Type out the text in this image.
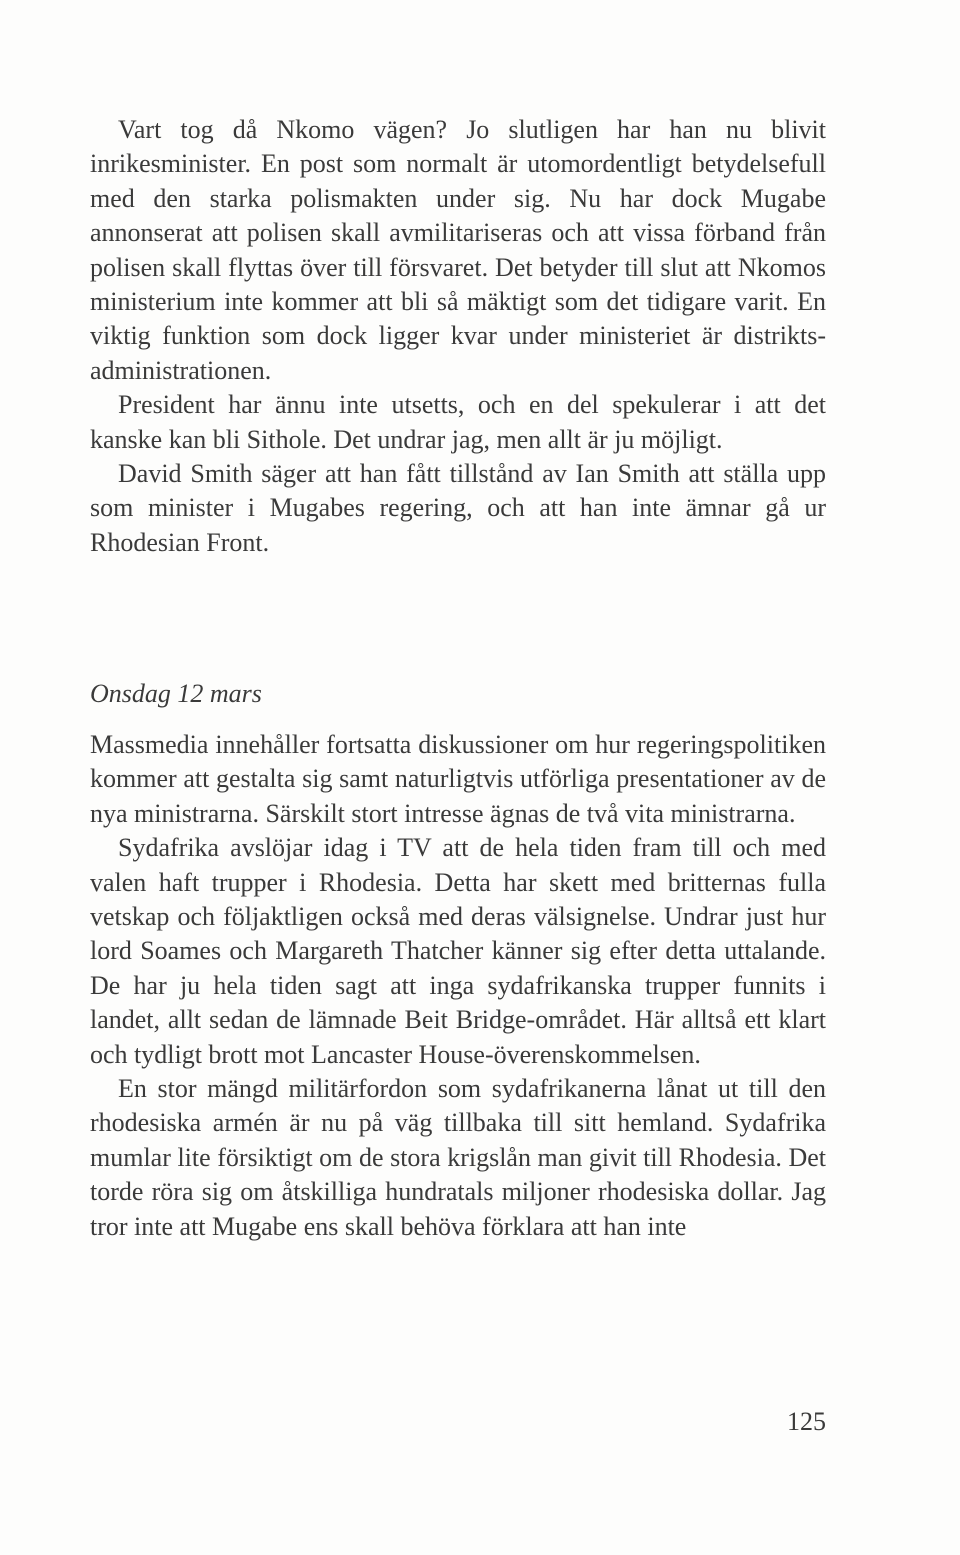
Vart tog då Nkomo vägen? Jo slutligen har han nu blivit inrikesminister. En post som normalt är utomordentligt betydelsefull med den starka polismakten under sig. Nu har dock Mugabe annonserat att polisen skall avmilitariseras och att vissa förband från polisen skall flyttas över till försvaret. Det betyder till slut att Nkomos ministerium inte kommer att bli så mäktigt som det tidigare varit. En viktig funktion som dock ligger kvar under ministeriet är distriktsadministrationen.

President har ännu inte utsetts, och en del spekulerar i att det kanske kan bli Sithole. Det undrar jag, men allt är ju möjligt.

David Smith säger att han fått tillstånd av Ian Smith att ställa upp som minister i Mugabes regering, och att han inte ämnar gå ur Rhodesian Front.

Onsdag 12 mars

Massmedia innehåller fortsatta diskussioner om hur regeringspolitiken kommer att gestalta sig samt naturligtvis utförliga presentationer av de nya ministrarna. Särskilt stort intresse ägnas de två vita ministrarna.

Sydafrika avslöjar idag i TV att de hela tiden fram till och med valen haft trupper i Rhodesia. Detta har skett med britternas fulla vetskap och följaktligen också med deras välsignelse. Undrar just hur lord Soames och Margareth Thatcher känner sig efter detta uttalande. De har ju hela tiden sagt att inga sydafrikanska trupper funnits i landet, allt sedan de lämnade Beit Bridge-området. Här alltså ett klart och tydligt brott mot Lancaster House-överenskommelsen.

En stor mängd militärfordon som sydafrikanerna lånat ut till den rhodesiska armén är nu på väg tillbaka till sitt hemland. Sydafrika mumlar lite försiktigt om de stora krigslån man givit till Rhodesia. Det torde röra sig om åtskilliga hundratals miljoner rhodesiska dollar. Jag tror inte att Mugabe ens skall behöva förklara att han inte

125
